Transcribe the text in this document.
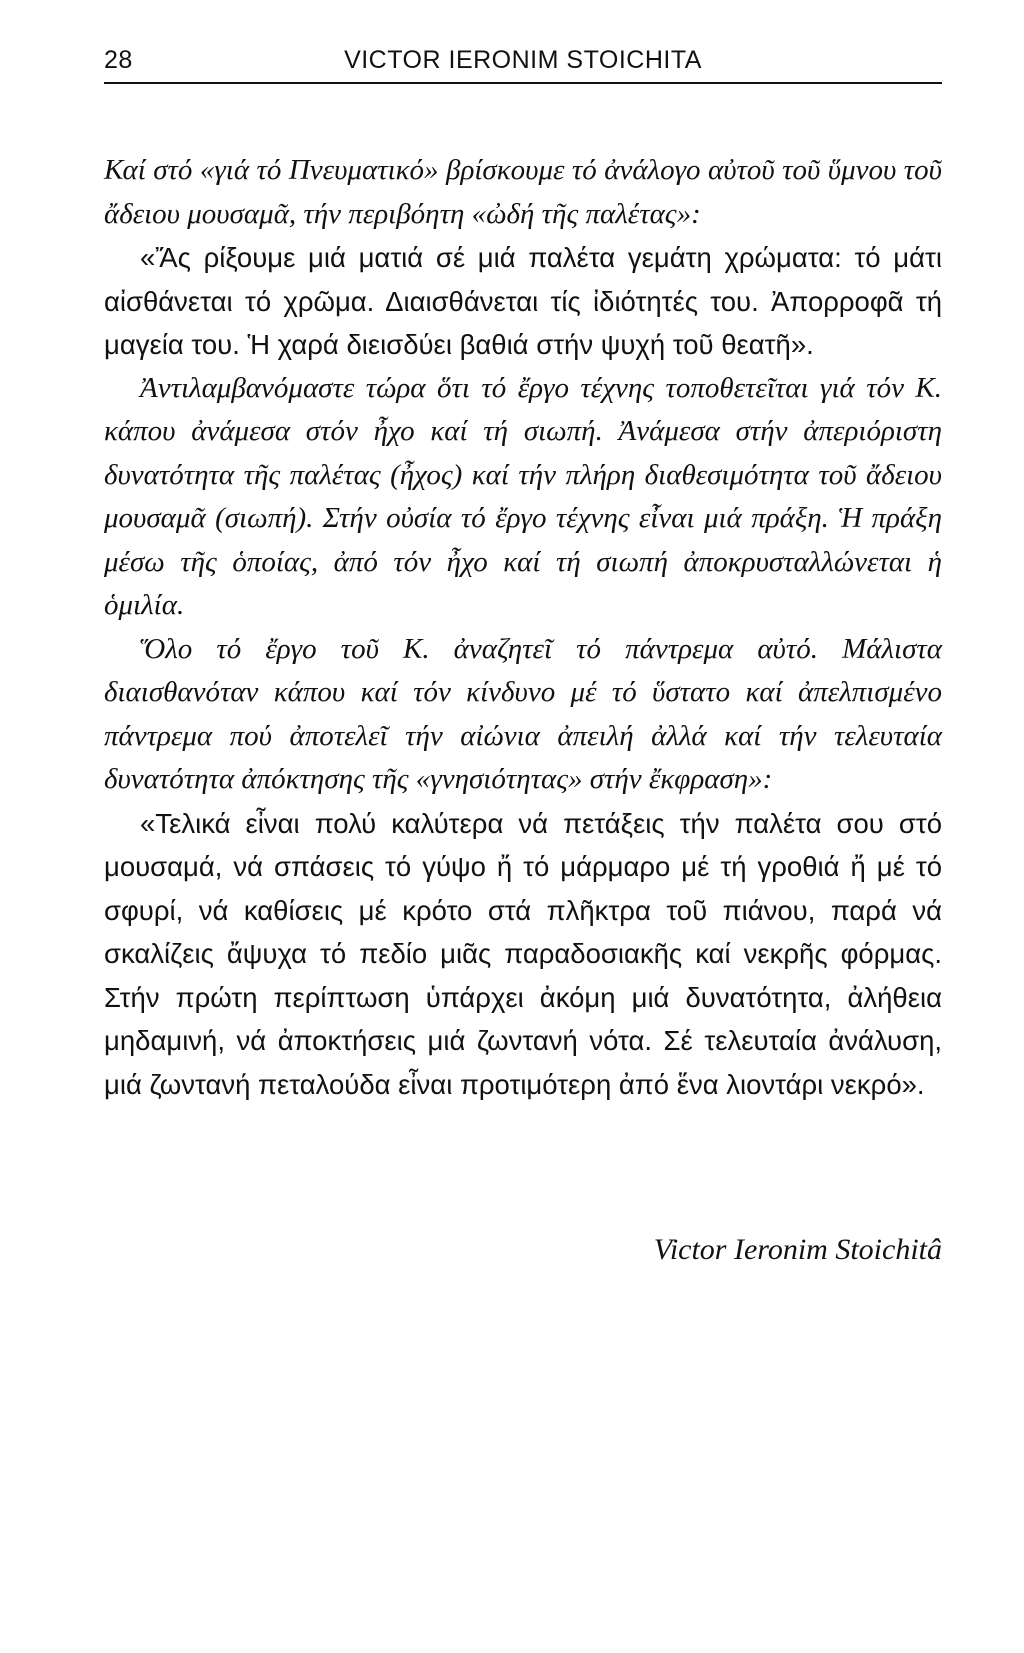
28	VICTOR IERONIM STOICHITA

Καί στό «γιά τό Πνευματικό» βρίσκουμε τό ἀνάλογο αὐτοῦ τοῦ ὕμνου τοῦ ἄδειου μουσαμᾶ, τήν περιβόητη «ὠδή τῆς παλέτας»:

«Ἄς ρίξουμε μιά ματιά σέ μιά παλέτα γεμάτη χρώματα: τό μάτι αἰσθάνεται τό χρῶμα. Διαισθάνεται τίς ἰδιότητές του. Ἀπορροφᾶ τή μαγεία του. Ἡ χαρά διεισδύει βαθιά στήν ψυχή τοῦ θεατῆ».

Ἀντιλαμβανόμαστε τώρα ὅτι τό ἔργο τέχνης τοποθετεῖται γιά τόν Κ. κάπου ἀνάμεσα στόν ἦχο καί τή σιωπή. Ἀνάμεσα στήν ἀπεριόριστη δυνατότητα τῆς παλέτας (ἦχος) καί τήν πλήρη διαθεσιμότητα τοῦ ἄδειου μουσαμᾶ (σιωπή). Στήν οὐσία τό ἔργο τέχνης εἶναι μιά πράξη. Ἡ πράξη μέσω τῆς ὁποίας, ἀπό τόν ἦχο καί τή σιωπή ἀποκρυσταλλώνεται ἡ ὁμιλία.

Ὅλο τό ἔργο τοῦ Κ. ἀναζητεῖ τό πάντρεμα αὐτό. Μάλιστα διαισθανόταν κάπου καί τόν κίνδυνο μέ τό ὕστατο καί ἀπελπισμένο πάντρεμα πού ἀποτελεῖ τήν αἰώνια ἀπειλή ἀλλά καί τήν τελευταία δυνατότητα ἀπόκτησης τῆς «γνησιότητας» στήν ἔκφραση»:

«Τελικά εἶναι πολύ καλύτερα νά πετάξεις τήν παλέτα σου στό μουσαμά, νά σπάσεις τό γύψο ἤ τό μάρμαρο μέ τή γροθιά ἤ μέ τό σφυρί, νά καθίσεις μέ κρότο στά πλῆκτρα τοῦ πιάνου, παρά νά σκαλίζεις ἄψυχα τό πεδίο μιᾶς παραδοσιακῆς καί νεκρῆς φόρμας. Στήν πρώτη περίπτωση ὑπάρχει ἀκόμη μιά δυνατότητα, ἀλήθεια μηδαμινή, νά ἀποκτήσεις μιά ζωντανή νότα. Σέ τελευταία ἀνάλυση, μιά ζωντανή πεταλούδα εἶναι προτιμότερη ἀπό ἕνα λιοντάρι νεκρό».

Victor Ieronim Stoichitâ
